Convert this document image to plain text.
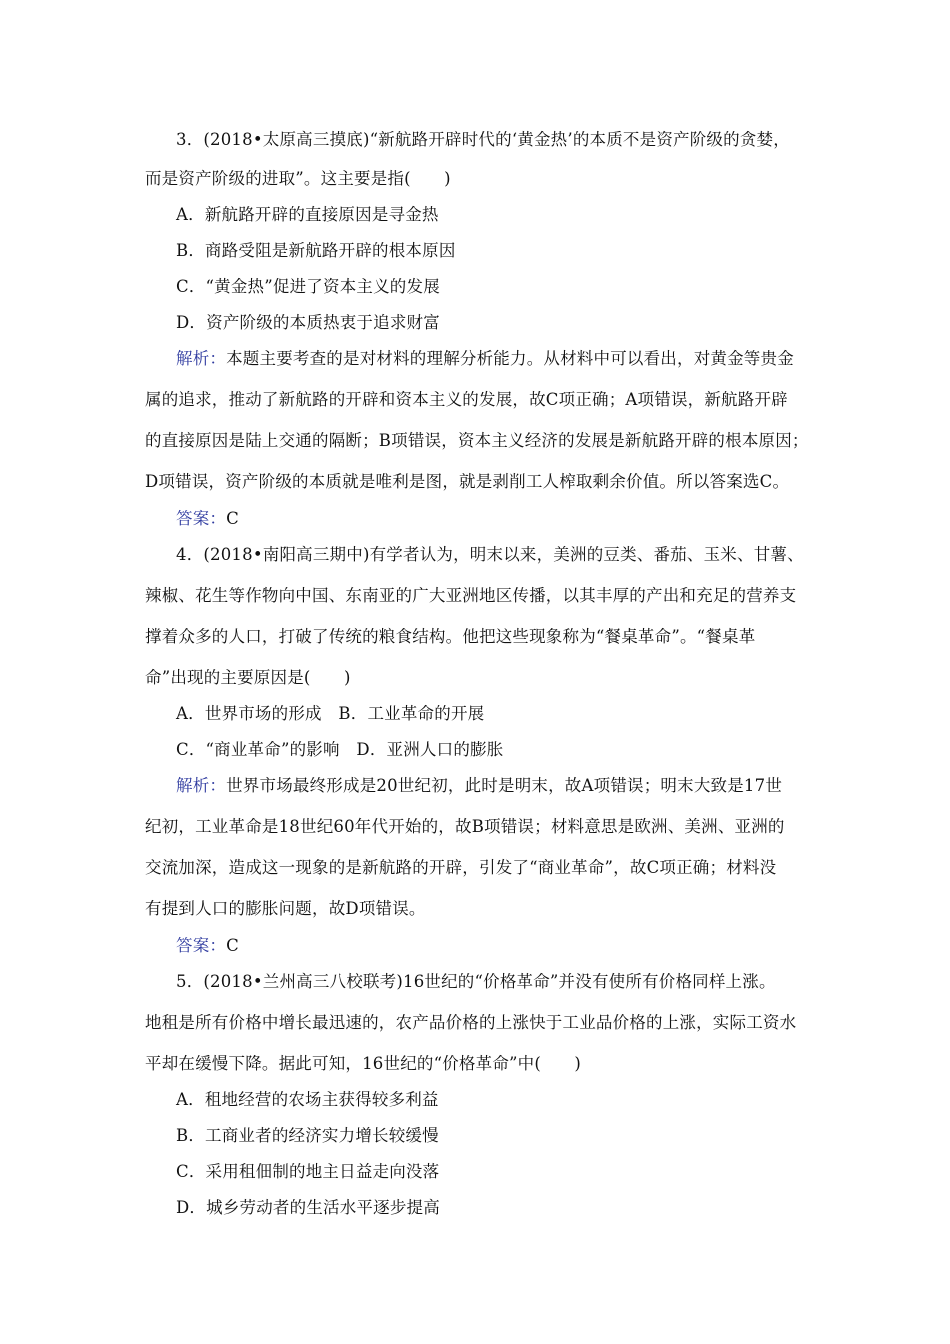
3．(2018•太原高三摸底)“新航路开辟时代的‘黄金热’的本质不是资产阶级的贪婪，
而是资产阶级的进取”。这主要是指(　　)
A．新航路开辟的直接原因是寻金热
B．商路受阻是新航路开辟的根本原因
C．“黄金热”促进了资本主义的发展
D．资产阶级的本质热衷于追求财富
解析：本题主要考查的是对材料的理解分析能力。从材料中可以看出，对黄金等贵金
属的追求，推动了新航路的开辟和资本主义的发展，故C项正确；A项错误，新航路开辟
的直接原因是陆上交通的隔断；B项错误，资本主义经济的发展是新航路开辟的根本原因；
D项错误，资产阶级的本质就是唯利是图，就是剥削工人榨取剩余价值。所以答案选C。
答案：C
4．(2018•南阳高三期中)有学者认为，明末以来，美洲的豆类、番茄、玉米、甘薯、
辣椒、花生等作物向中国、东南亚的广大亚洲地区传播，以其丰厚的产出和充足的营养支
撑着众多的人口，打破了传统的粮食结构。他把这些现象称为“餐桌革命”。“餐桌革
命”出现的主要原因是(　　)
A．世界市场的形成　B．工业革命的开展
C．“商业革命”的影响　D．亚洲人口的膨胀
解析：世界市场最终形成是20世纪初，此时是明末，故A项错误；明末大致是17世
纪初，工业革命是18世纪60年代开始的，故B项错误；材料意思是欧洲、美洲、亚洲的
交流加深，造成这一现象的是新航路的开辟，引发了“商业革命”，故C项正确；材料没
有提到人口的膨胀问题，故D项错误。
答案：C
5．(2018•兰州高三八校联考)16世纪的“价格革命”并没有使所有价格同样上涨。
地租是所有价格中增长最迅速的，农产品价格的上涨快于工业品价格的上涨，实际工资水
平却在缓慢下降。据此可知，16世纪的“价格革命”中(　　)
A．租地经营的农场主获得较多利益
B．工商业者的经济实力增长较缓慢
C．采用租佃制的地主日益走向没落
D．城乡劳动者的生活水平逐步提高
